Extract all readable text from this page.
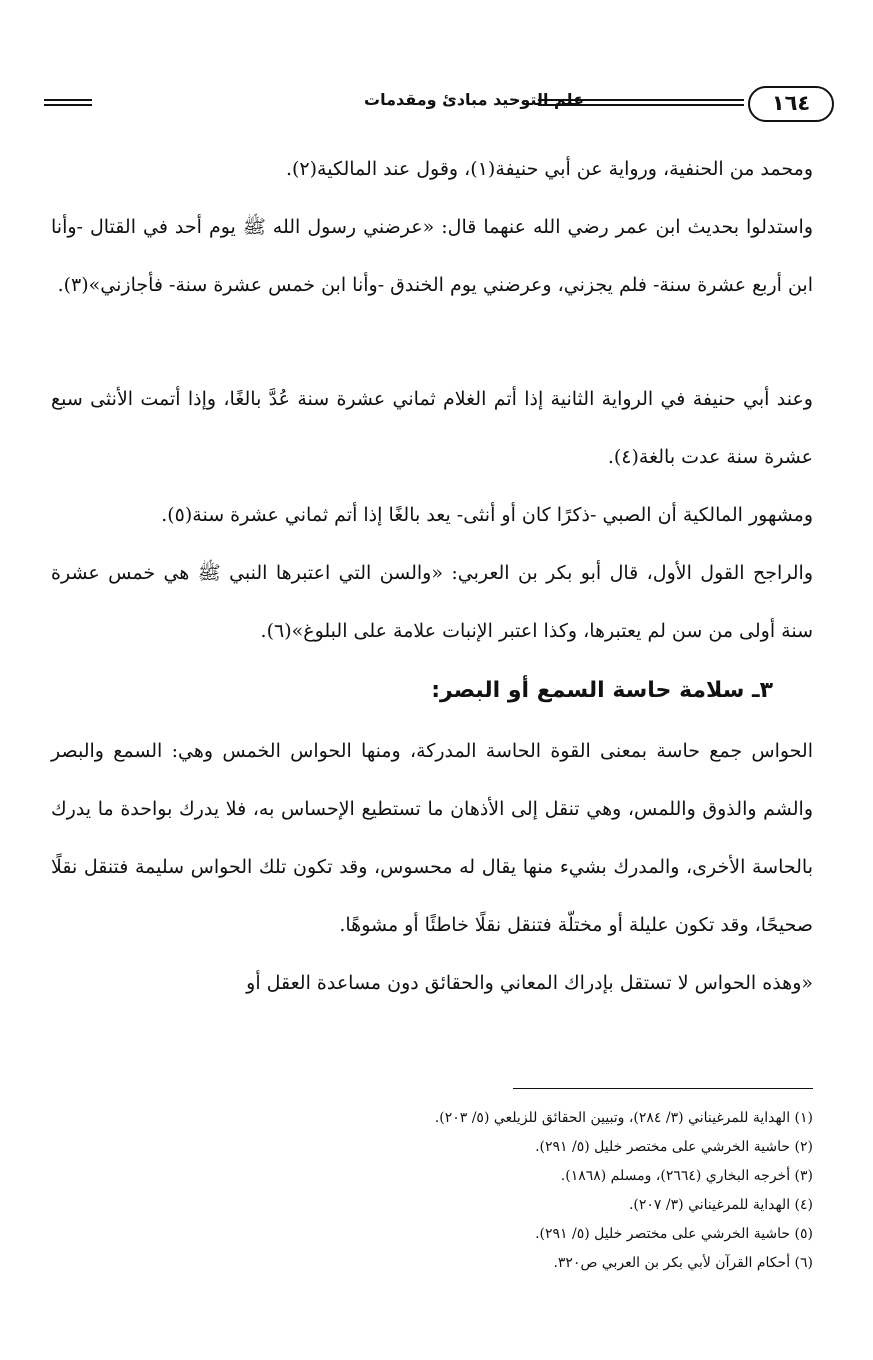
١٦٤
علم التوحيد مبادئ ومقدمات

ومحمد من الحنفية، ورواية عن أبي حنيفة(١)، وقول عند المالكية(٢).

واستدلوا بحديث ابن عمر رضي الله عنهما قال: «عرضني رسول الله ﷺ يوم أحد في القتال -وأنا ابن أربع عشرة سنة- فلم يجزني، وعرضني يوم الخندق -وأنا ابن خمس عشرة سنة- فأجازني»(٣).

وعند أبي حنيفة في الرواية الثانية إذا أتم الغلام ثماني عشرة سنة عُدَّ بالغًا، وإذا أتمت الأنثى سبع عشرة سنة عدت بالغة(٤).

ومشهور المالكية أن الصبي -ذكرًا كان أو أنثى- يعد بالغًا إذا أتم ثماني عشرة سنة(٥).

والراجح القول الأول، قال أبو بكر بن العربي: «والسن التي اعتبرها النبي ﷺ هي خمس عشرة سنة أولى من سن لم يعتبرها، وكذا اعتبر الإنبات علامة على البلوغ»(٦).

٣ـ سلامة حاسة السمع أو البصر:

الحواس جمع حاسة بمعنى القوة الحاسة المدركة، ومنها الحواس الخمس وهي: السمع والبصر والشم والذوق واللمس، وهي تنقل إلى الأذهان ما تستطيع الإحساس به، فلا يدرك بواحدة ما يدرك بالحاسة الأخرى، والمدرك بشيء منها يقال له محسوس، وقد تكون تلك الحواس سليمة فتنقل نقلًا صحيحًا، وقد تكون عليلة أو مختلّة فتنقل نقلًا خاطئًا أو مشوهًا.

«وهذه الحواس لا تستقل بإدراك المعاني والحقائق دون مساعدة العقل أو

(١) الهداية للمرغيناني (٣/ ٢٨٤)، وتبيين الحقائق للزيلعي (٥/ ٢٠٣).
(٢) حاشية الخرشي على مختصر خليل (٥/ ٢٩١).
(٣) أخرجه البخاري (٢٦٦٤)، ومسلم (١٨٦٨).
(٤) الهداية للمرغيناني (٣/ ٢٠٧).
(٥) حاشية الخرشي على مختصر خليل (٥/ ٢٩١).
(٦) أحكام القرآن لأبي بكر بن العربي ص٣٢٠.
